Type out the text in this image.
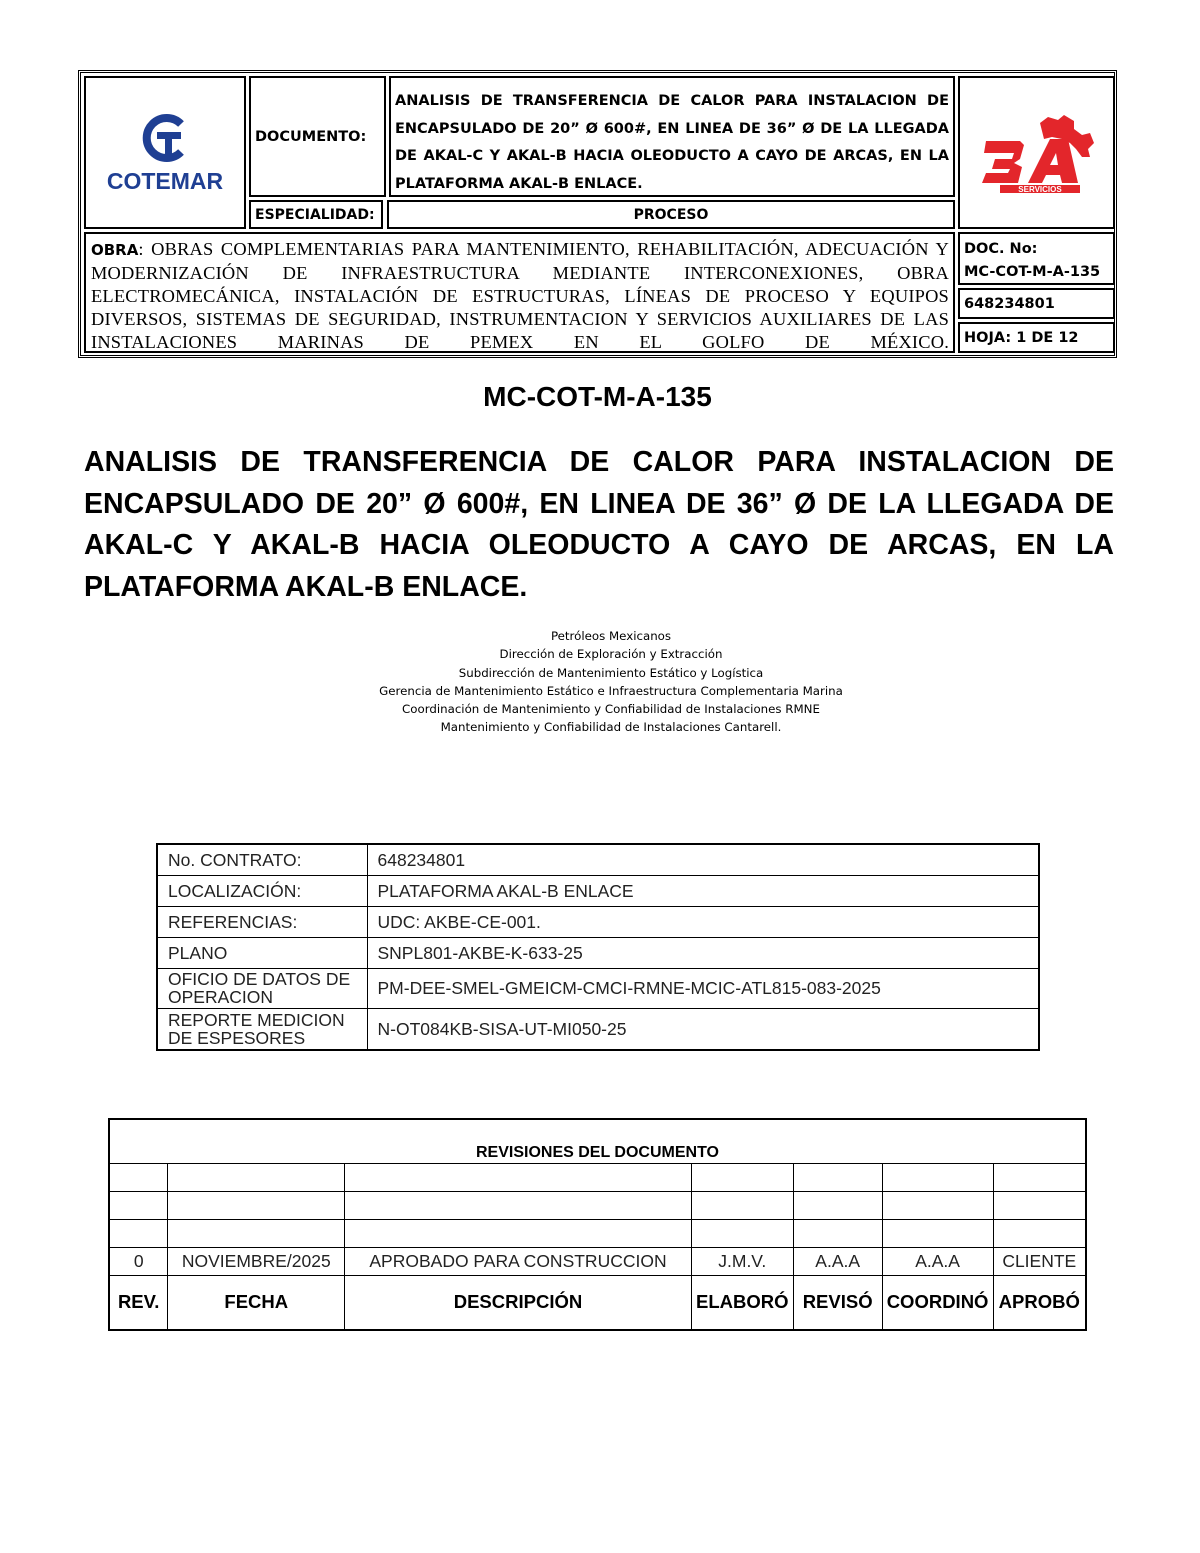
COTEMAR
DOCUMENTO:
ANALISIS DE TRANSFERENCIA DE CALOR PARA INSTALACION DE ENCAPSULADO DE 20” Ø 600#, EN LINEA DE 36” Ø DE LA LLEGADA DE AKAL-C Y AKAL-B HACIA OLEODUCTO A CAYO DE ARCAS, EN LA PLATAFORMA AKAL-B ENLACE.
ESPECIALIDAD:	PROCESO
SERVICIOS
OBRA: OBRAS COMPLEMENTARIAS PARA MANTENIMIENTO, REHABILITACIÓN, ADECUACIÓN Y MODERNIZACIÓN DE INFRAESTRUCTURA MEDIANTE INTERCONEXIONES, OBRA ELECTROMECÁNICA, INSTALACIÓN DE ESTRUCTURAS, LÍNEAS DE PROCESO Y EQUIPOS DIVERSOS, SISTEMAS DE SEGURIDAD, INSTRUMENTACION Y SERVICIOS AUXILIARES DE LAS INSTALACIONES MARINAS DE PEMEX EN EL GOLFO DE MÉXICO.
DOC. No:
MC-COT-M-A-135
648234801
HOJA: 1 DE 12
MC-COT-M-A-135
ANALISIS DE TRANSFERENCIA DE CALOR PARA INSTALACION DE ENCAPSULADO DE 20” Ø 600#, EN LINEA DE 36” Ø DE LA LLEGADA DE AKAL-C Y AKAL-B HACIA OLEODUCTO A CAYO DE ARCAS, EN LA PLATAFORMA AKAL-B ENLACE.
Petróleos Mexicanos
Dirección de Exploración y Extracción
Subdirección de Mantenimiento Estático y Logística
Gerencia de Mantenimiento Estático e Infraestructura Complementaria Marina
Coordinación de Mantenimiento y Confiabilidad de Instalaciones RMNE
Mantenimiento y Confiabilidad de Instalaciones Cantarell.
No. CONTRATO:	648234801
LOCALIZACIÓN:	PLATAFORMA AKAL-B ENLACE
REFERENCIAS:	UDC: AKBE-CE-001.
PLANO	SNPL801-AKBE-K-633-25
OFICIO DE DATOS DE OPERACION	PM-DEE-SMEL-GMEICM-CMCI-RMNE-MCIC-ATL815-083-2025
REPORTE MEDICION DE ESPESORES	N-OT084KB-SISA-UT-MI050-25
REVISIONES DEL DOCUMENTO						

0	NOVIEMBRE/2025	APROBADO PARA CONSTRUCCION	J.M.V.	A.A.A	A.A.A	CLIENTE
REV.	FECHA	DESCRIPCIÓN	ELABORÓ	REVISÓ	COORDINÓ	APROBÓ
